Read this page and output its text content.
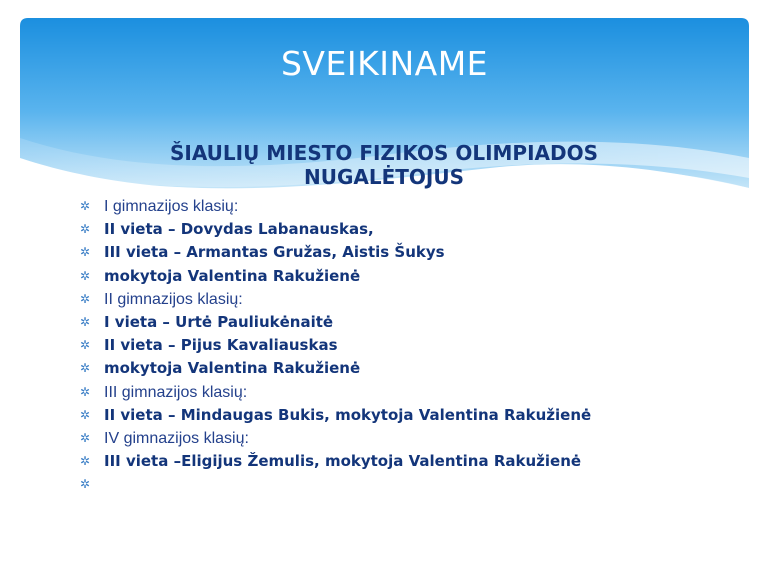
SVEIKINAME
ŠIAULIŲ MIESTO FIZIKOS OLIMPIADOS NUGALĖTOJUS
✲ I gimnazijos klasių:
✲ II vieta – Dovydas Labanauskas,
✲ III vieta – Armantas Gružas, Aistis Šukys
✲ mokytoja Valentina Rakužienė
✲ II gimnazijos klasių:
✲ I vieta – Urtė Pauliukėnaitė
✲ II vieta – Pijus Kavaliauskas
✲ mokytoja Valentina Rakužienė
✲ III gimnazijos klasių:
✲ II vieta – Mindaugas Bukis, mokytoja Valentina Rakužienė
✲ IV gimnazijos klasių:
✲ III vieta –Eligijus Žemulis, mokytoja Valentina Rakužienė
✲
